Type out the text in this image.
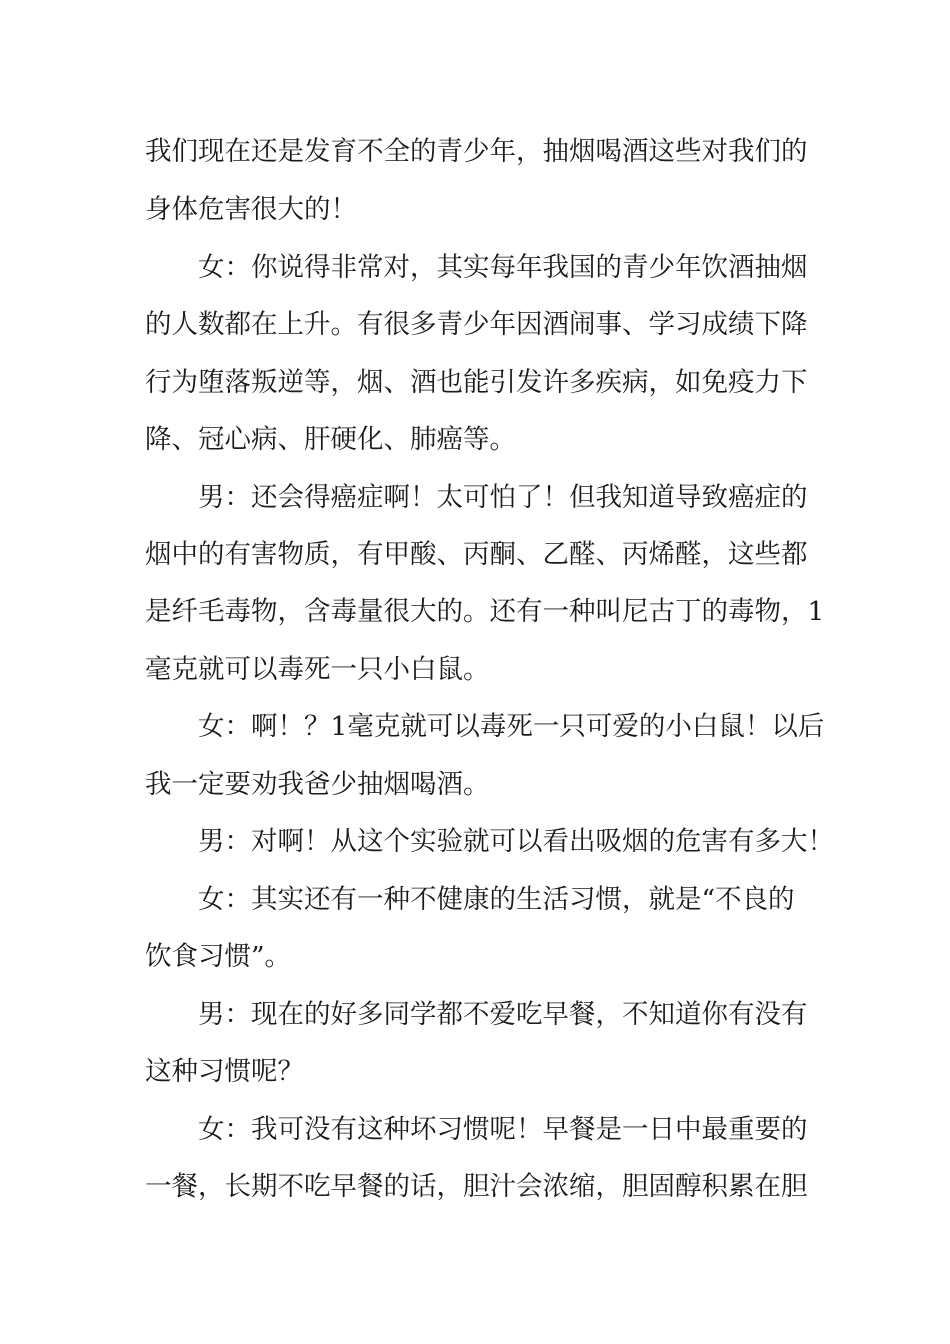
我们现在还是发育不全的青少年，抽烟喝酒这些对我们的
身体危害很大的！
女：你说得非常对，其实每年我国的青少年饮酒抽烟
的人数都在上升。有很多青少年因酒闹事、学习成绩下降
行为堕落叛逆等，烟、酒也能引发许多疾病，如免疫力下
降、冠心病、肝硬化、肺癌等。
男：还会得癌症啊！太可怕了！但我知道导致癌症的
烟中的有害物质，有甲酸、丙酮、乙醛、丙烯醛，这些都
是纤毛毒物，含毒量很大的。还有一种叫尼古丁的毒物，1
毫克就可以毒死一只小白鼠。
女：啊！？1毫克就可以毒死一只可爱的小白鼠！以后
我一定要劝我爸少抽烟喝酒。
男：对啊！从这个实验就可以看出吸烟的危害有多大！
女：其实还有一种不健康的生活习惯，就是“不良的
饮食习惯”。
男：现在的好多同学都不爱吃早餐，不知道你有没有
这种习惯呢？
女：我可没有这种坏习惯呢！早餐是一日中最重要的
一餐，长期不吃早餐的话，胆汁会浓缩，胆固醇积累在胆
